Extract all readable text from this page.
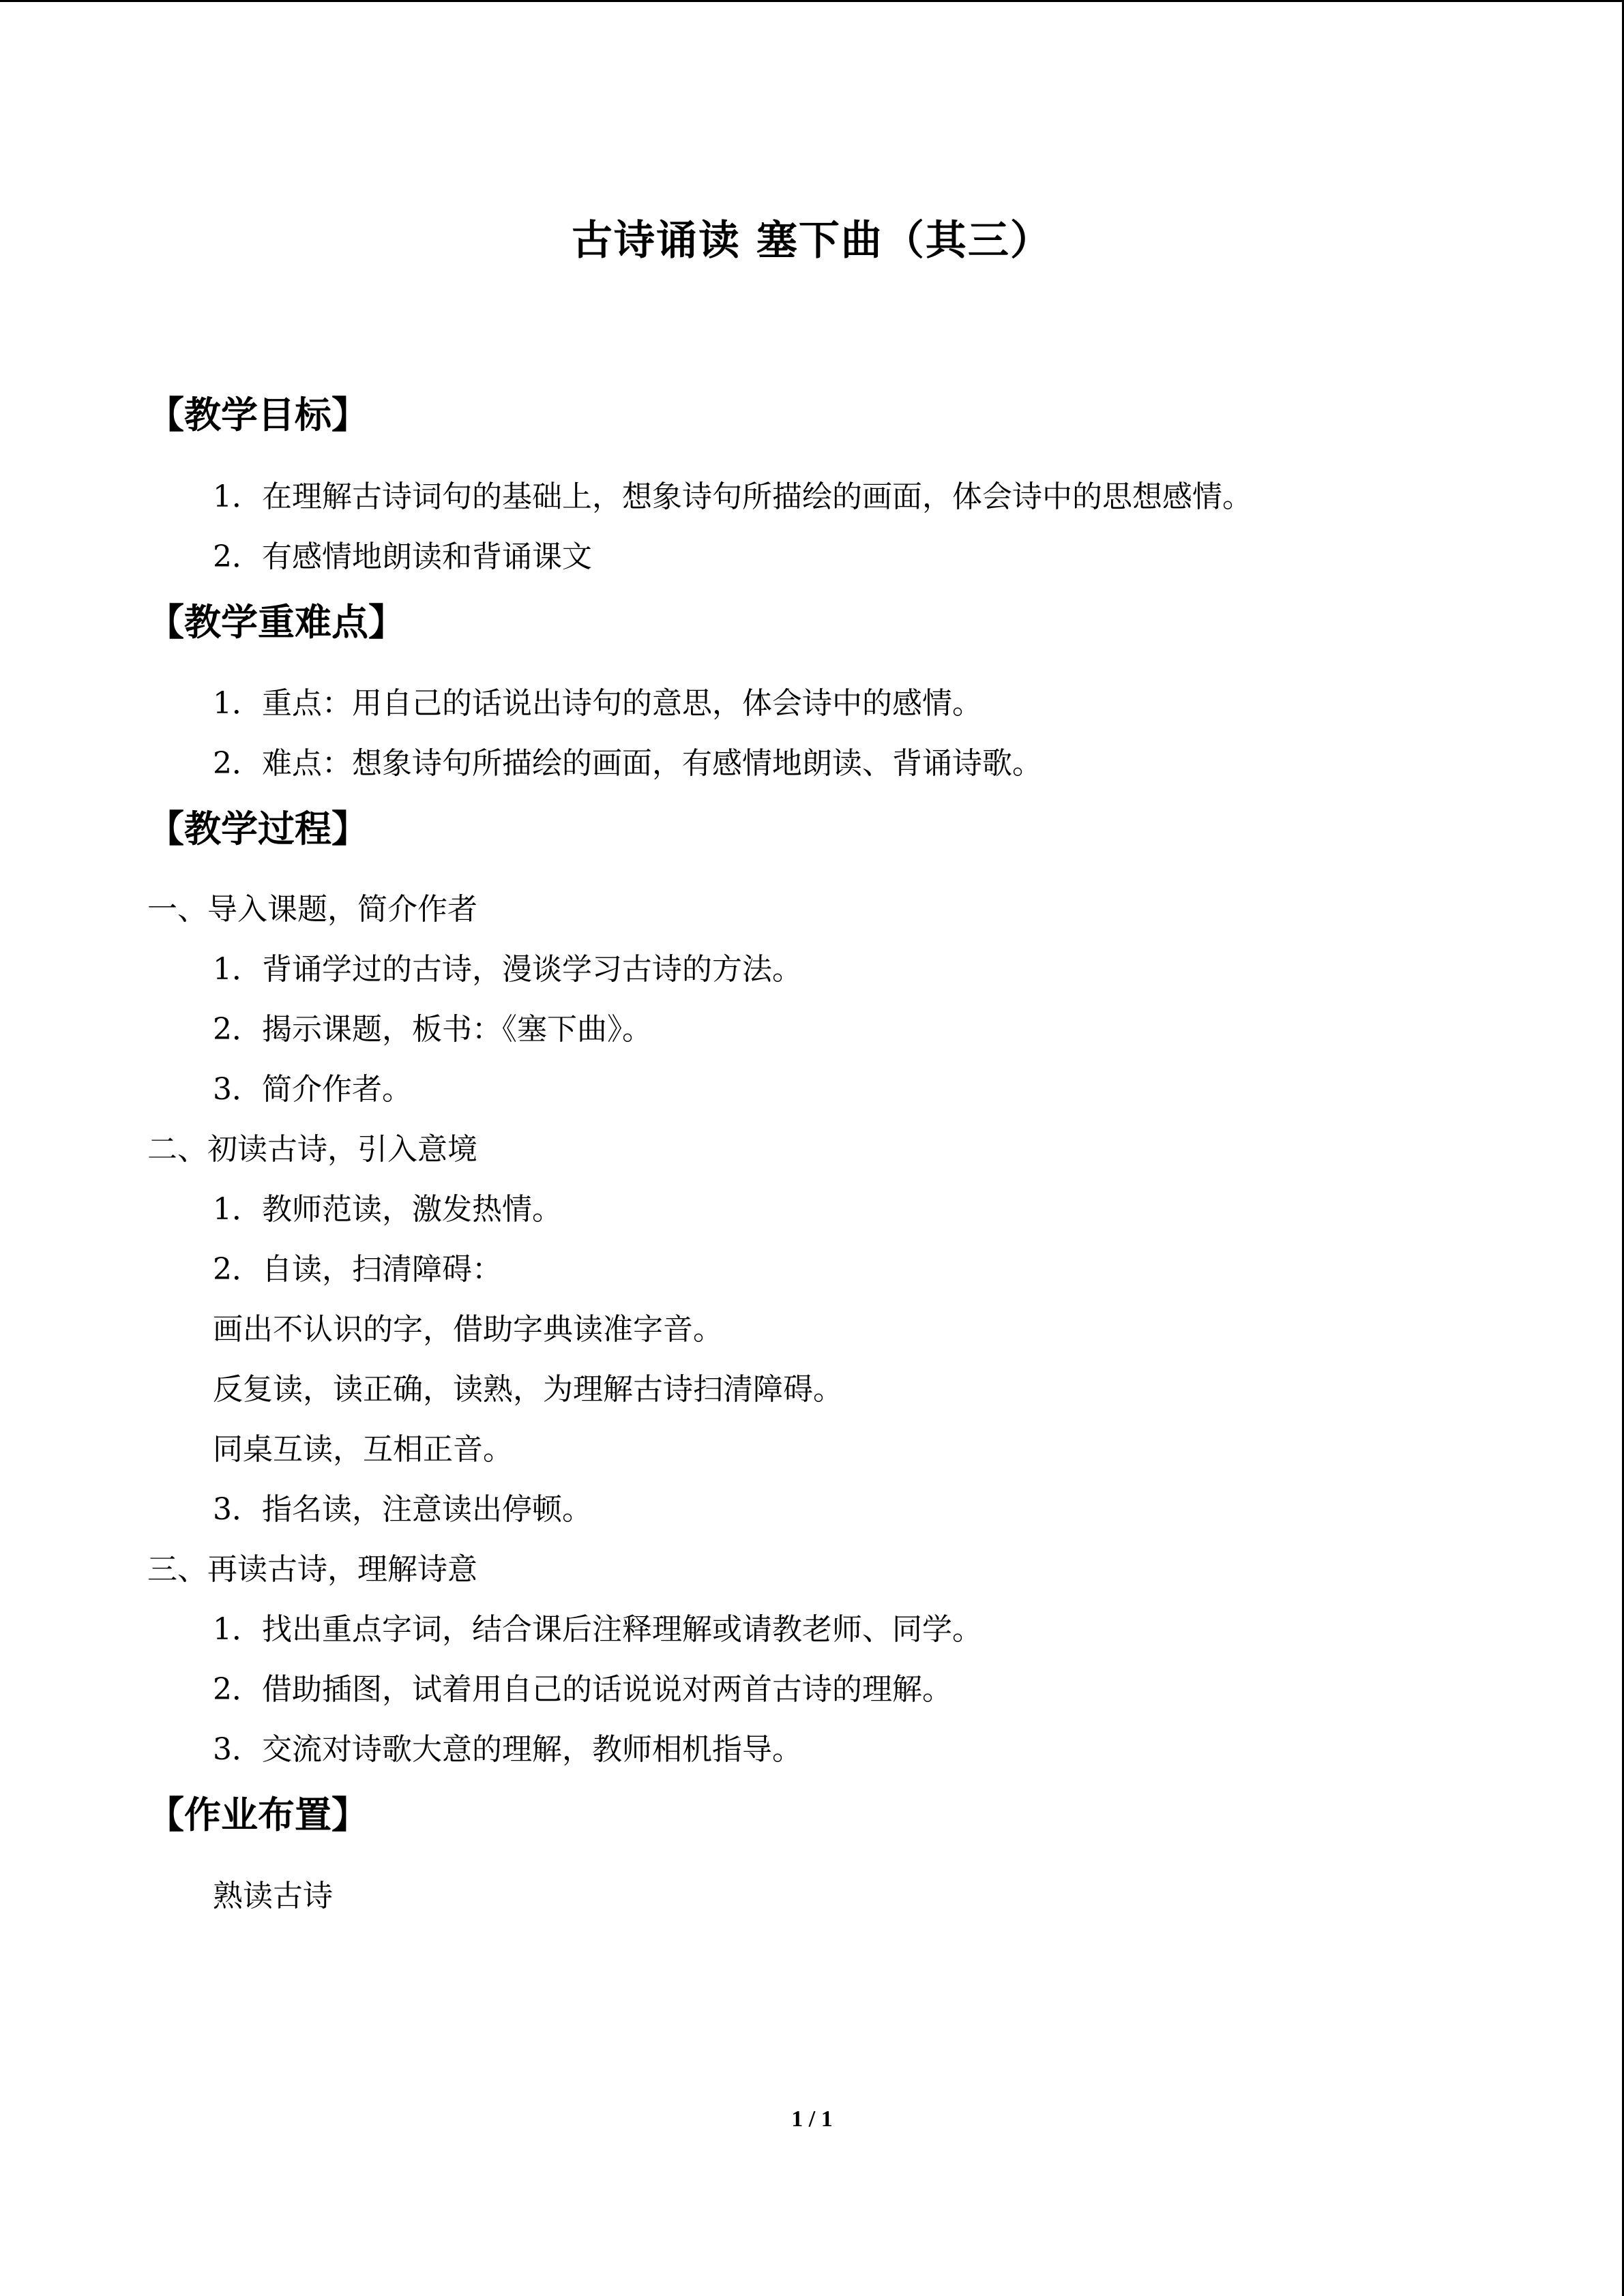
古诗诵读 塞下曲（其三）
【教学目标】
1．在理解古诗词句的基础上，想象诗句所描绘的画面，体会诗中的思想感情。
2．有感情地朗读和背诵课文
【教学重难点】
1．重点：用自己的话说出诗句的意思，体会诗中的感情。
2．难点：想象诗句所描绘的画面，有感情地朗读、背诵诗歌。
【教学过程】
一、导入课题，简介作者
1．背诵学过的古诗，漫谈学习古诗的方法。
2．揭示课题，板书：《塞下曲》。
3．简介作者。
二、初读古诗，引入意境
1．教师范读，激发热情。
2．自读，扫清障碍：
画出不认识的字，借助字典读准字音。
反复读，读正确，读熟，为理解古诗扫清障碍。
同桌互读，互相正音。
3．指名读，注意读出停顿。
三、再读古诗，理解诗意
1．找出重点字词，结合课后注释理解或请教老师、同学。
2．借助插图，试着用自己的话说说对两首古诗的理解。
3．交流对诗歌大意的理解，教师相机指导。
【作业布置】
熟读古诗
1 / 1
